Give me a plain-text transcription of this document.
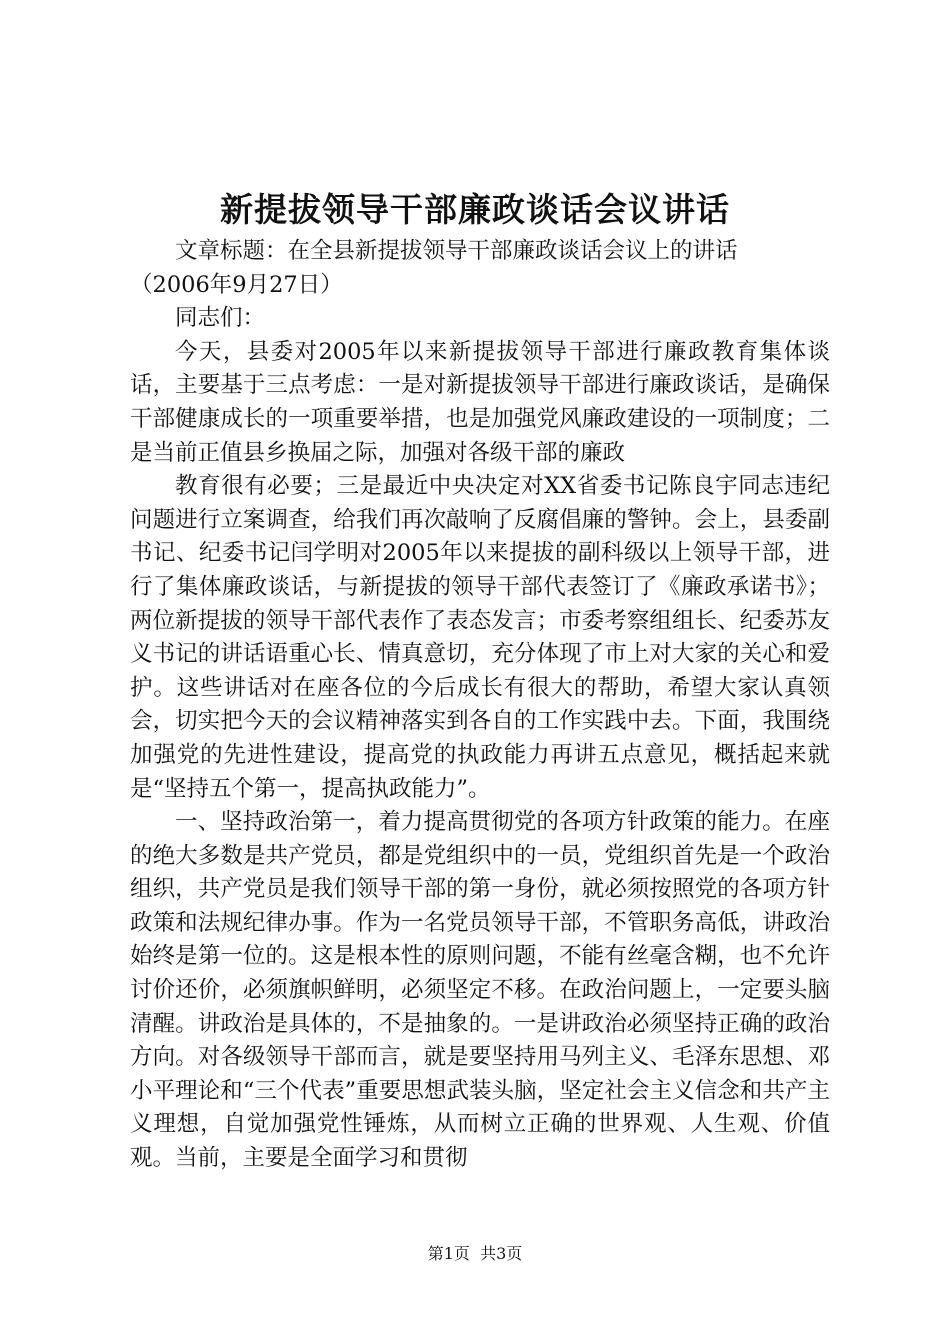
新提拔领导干部廉政谈话会议讲话

文章标题：在全县新提拔领导干部廉政谈话会议上的讲话

（2006年9月27日）

同志们：

今天，县委对2005年以来新提拔领导干部进行廉政教育集体谈话，主要基于三点考虑：一是对新提拔领导干部进行廉政谈话，是确保干部健康成长的一项重要举措，也是加强党风廉政建设的一项制度；二是当前正值县乡换届之际，加强对各级干部的廉政

教育很有必要；三是最近中央决定对XX省委书记陈良宇同志违纪问题进行立案调查，给我们再次敲响了反腐倡廉的警钟。会上，县委副书记、纪委书记闫学明对2005年以来提拔的副科级以上领导干部，进行了集体廉政谈话，与新提拔的领导干部代表签订了《廉政承诺书》；两位新提拔的领导干部代表作了表态发言；市委考察组组长、纪委苏友义书记的讲话语重心长、情真意切，充分体现了市上对大家的关心和爱护。这些讲话对在座各位的今后成长有很大的帮助，希望大家认真领会，切实把今天的会议精神落实到各自的工作实践中去。下面，我围绕加强党的先进性建设，提高党的执政能力再讲五点意见，概括起来就是“坚持五个第一，提高执政能力”。

一、坚持政治第一，着力提高贯彻党的各项方针政策的能力。在座的绝大多数是共产党员，都是党组织中的一员，党组织首先是一个政治组织，共产党员是我们领导干部的第一身份，就必须按照党的各项方针政策和法规纪律办事。作为一名党员领导干部，不管职务高低，讲政治始终是第一位的。这是根本性的原则问题，不能有丝毫含糊，也不允许讨价还价，必须旗帜鲜明，必须坚定不移。在政治问题上，一定要头脑清醒。讲政治是具体的，不是抽象的。一是讲政治必须坚持正确的政治方向。对各级领导干部而言，就是要坚持用马列主义、毛泽东思想、邓小平理论和“三个代表”重要思想武装头脑，坚定社会主义信念和共产主义理想，自觉加强党性锤炼，从而树立正确的世界观、人生观、价值观。当前，主要是全面学习和贯彻

第1页 共3页
